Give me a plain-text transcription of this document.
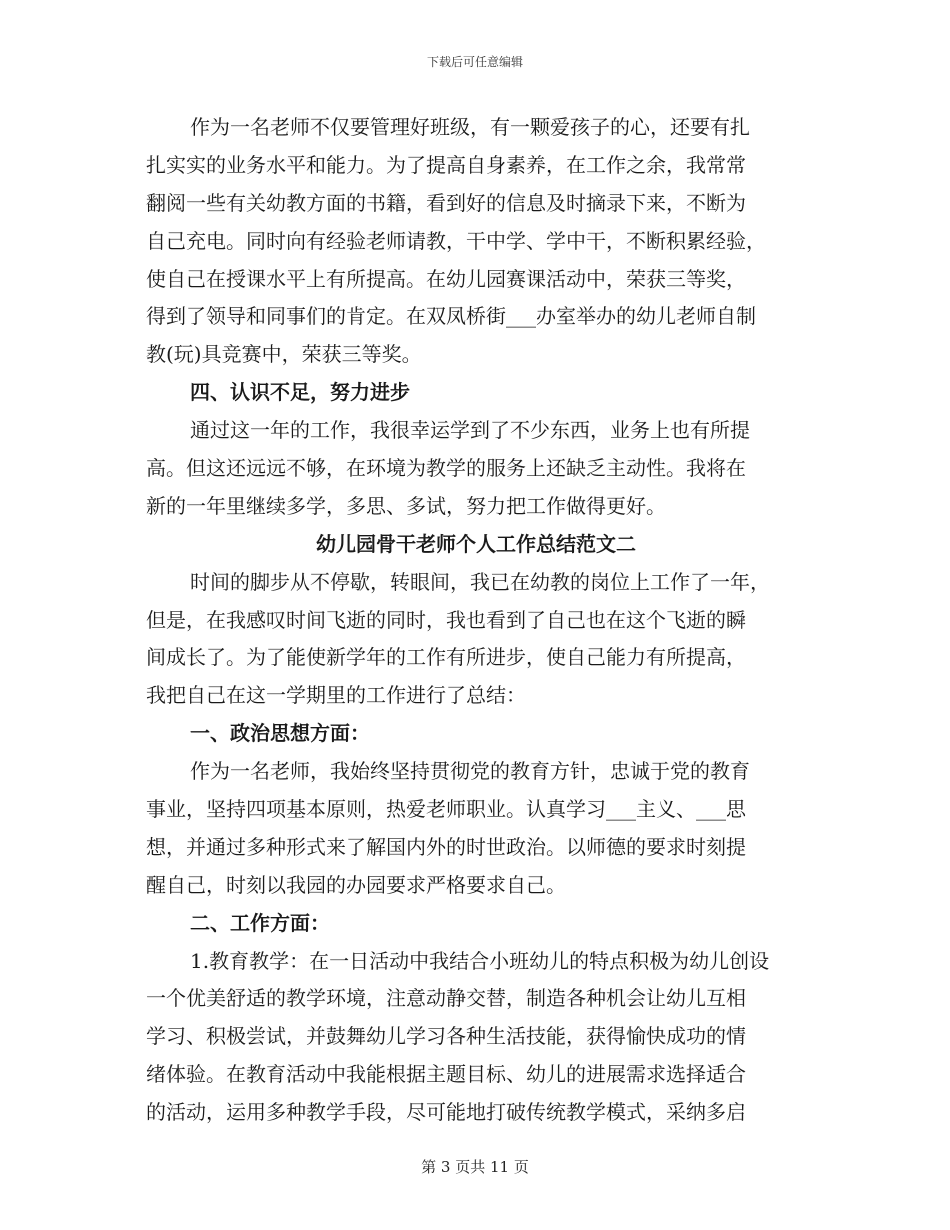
下载后可任意编辑
作为一名老师不仅要管理好班级，有一颗爱孩子的心，还要有扎
扎实实的业务水平和能力。为了提高自身素养，在工作之余，我常常
翻阅一些有关幼教方面的书籍，看到好的信息及时摘录下来，不断为
自己充电。同时向有经验老师请教，干中学、学中干，不断积累经验，
使自己在授课水平上有所提高。在幼儿园赛课活动中，荣获三等奖，
得到了领导和同事们的肯定。在双凤桥街___办室举办的幼儿老师自制
教(玩)具竞赛中，荣获三等奖。
四、认识不足，努力进步
通过这一年的工作，我很幸运学到了不少东西，业务上也有所提
高。但这还远远不够，在环境为教学的服务上还缺乏主动性。我将在
新的一年里继续多学，多思、多试，努力把工作做得更好。
幼儿园骨干老师个人工作总结范文二
时间的脚步从不停歇，转眼间，我已在幼教的岗位上工作了一年，
但是，在我感叹时间飞逝的同时，我也看到了自己也在这个飞逝的瞬
间成长了。为了能使新学年的工作有所进步，使自己能力有所提高，
我把自己在这一学期里的工作进行了总结：
一、政治思想方面：
作为一名老师，我始终坚持贯彻党的教育方针，忠诚于党的教育
事业，坚持四项基本原则，热爱老师职业。认真学习___主义、___思
想，并通过多种形式来了解国内外的时世政治。以师德的要求时刻提
醒自己，时刻以我园的办园要求严格要求自己。
二、工作方面：
1.教育教学：在一日活动中我结合小班幼儿的特点积极为幼儿创设
一个优美舒适的教学环境，注意动静交替，制造各种机会让幼儿互相
学习、积极尝试，并鼓舞幼儿学习各种生活技能，获得愉快成功的情
绪体验。在教育活动中我能根据主题目标、幼儿的进展需求选择适合
的活动，运用多种教学手段，尽可能地打破传统教学模式，采纳多启
第 3 页共 11 页
